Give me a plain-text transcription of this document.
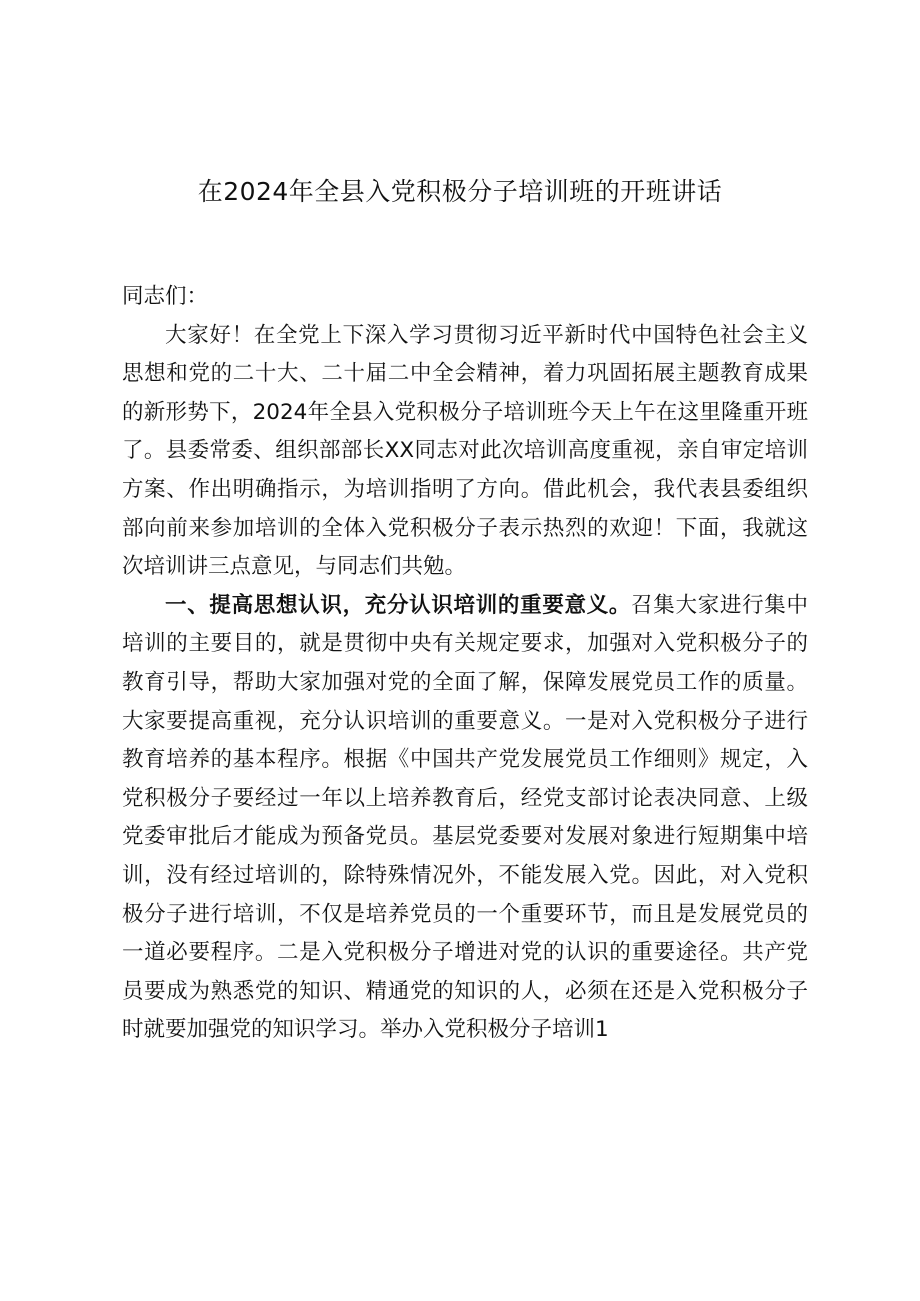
在2024年全县入党积极分子培训班的开班讲话

同志们：

大家好！在全党上下深入学习贯彻习近平新时代中国特色社会主义思想和党的二十大、二十届二中全会精神，着力巩固拓展主题教育成果的新形势下，2024年全县入党积极分子培训班今天上午在这里隆重开班了。县委常委、组织部部长XX同志对此次培训高度重视，亲自审定培训方案、作出明确指示，为培训指明了方向。借此机会，我代表县委组织部向前来参加培训的全体入党积极分子表示热烈的欢迎！下面，我就这次培训讲三点意见，与同志们共勉。

一、提高思想认识，充分认识培训的重要意义。召集大家进行集中培训的主要目的，就是贯彻中央有关规定要求，加强对入党积极分子的教育引导，帮助大家加强对党的全面了解，保障发展党员工作的质量。大家要提高重视，充分认识培训的重要意义。一是对入党积极分子进行教育培养的基本程序。根据《中国共产党发展党员工作细则》规定，入党积极分子要经过一年以上培养教育后，经党支部讨论表决同意、上级党委审批后才能成为预备党员。基层党委要对发展对象进行短期集中培训，没有经过培训的，除特殊情况外，不能发展入党。因此，对入党积极分子进行培训，不仅是培养党员的一个重要环节，而且是发展党员的一道必要程序。二是入党积极分子增进对党的认识的重要途径。共产党员要成为熟悉党的知识、精通党的知识的人，必须在还是入党积极分子时就要加强党的知识学习。举办入党积极分子培训1
